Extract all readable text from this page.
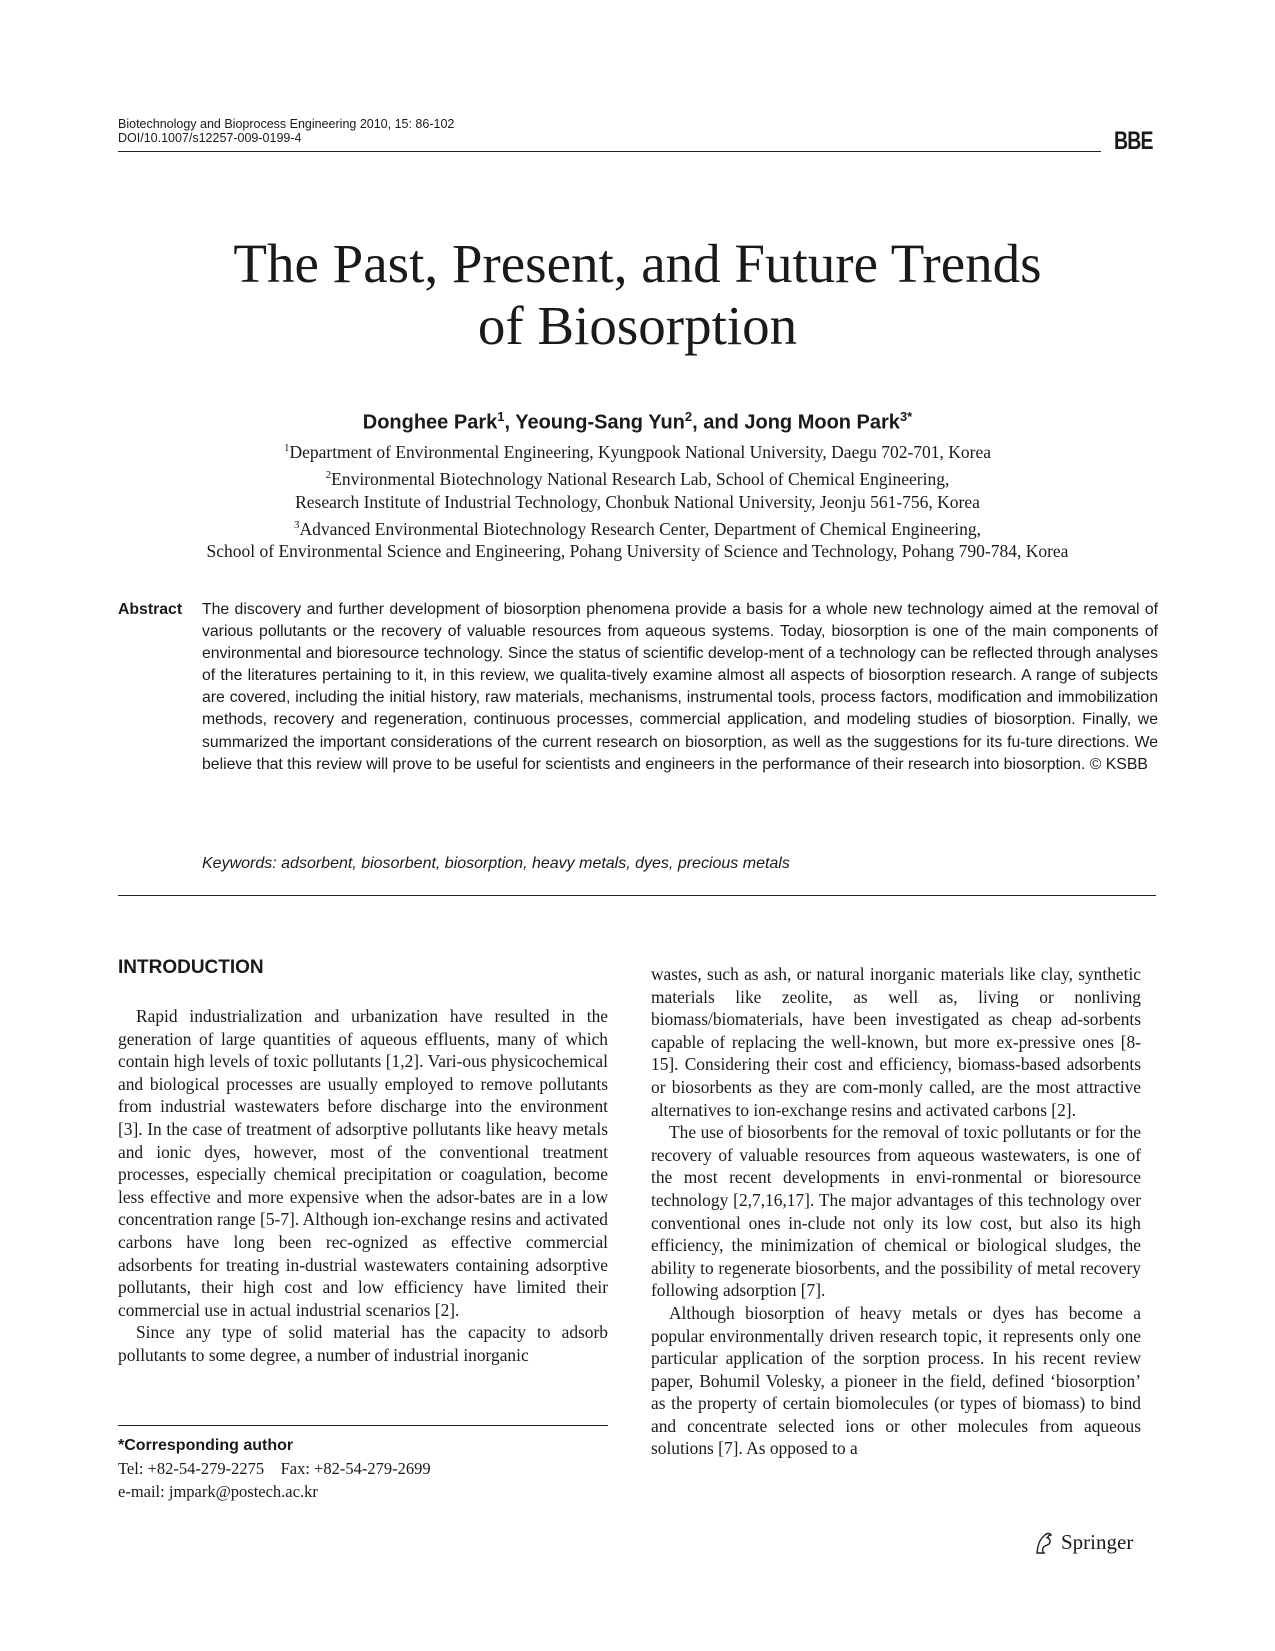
Biotechnology and Bioprocess Engineering 2010, 15: 86-102
DOI/10.1007/s12257-009-0199-4	BBE
The Past, Present, and Future Trends
of Biosorption
Donghee Park$^1$, Yeoung-Sang Yun$^2$, and Jong Moon Park$^{3*}$
$^1$Department of Environmental Engineering, Kyungpook National University, Daegu 702-701, Korea
$^2$Environmental Biotechnology National Research Lab, School of Chemical Engineering,
Research Institute of Industrial Technology, Chonbuk National University, Jeonju 561-756, Korea
$^3$Advanced Environmental Biotechnology Research Center, Department of Chemical Engineering,
School of Environmental Science and Engineering, Pohang University of Science and Technology, Pohang 790-784, Korea
Abstract The discovery and further development of biosorption phenomena provide a basis for a whole new technology aimed at the removal of various pollutants or the recovery of valuable resources from aqueous systems. Today, biosorption is one of the main components of environmental and bioresource technology. Since the status of scientific develop-ment of a technology can be reflected through analyses of the literatures pertaining to it, in this review, we qualita-tively examine almost all aspects of biosorption research. A range of subjects are covered, including the initial history, raw materials, mechanisms, instrumental tools, process factors, modification and immobilization methods, recovery and regeneration, continuous processes, commercial application, and modeling studies of biosorption. Finally, we summarized the important considerations of the current research on biosorption, as well as the suggestions for its fu-ture directions. We believe that this review will prove to be useful for scientists and engineers in the performance of their research into biosorption. © KSBB
Keywords: adsorbent, biosorbent, biosorption, heavy metals, dyes, precious metals
INTRODUCTION

Rapid industrialization and urbanization have resulted in the generation of large quantities of aqueous effluents, many of which contain high levels of toxic pollutants [1,2]. Vari-ous physicochemical and biological processes are usually employed to remove pollutants from industrial wastewaters before discharge into the environment [3]. In the case of treatment of adsorptive pollutants like heavy metals and ionic dyes, however, most of the conventional treatment processes, especially chemical precipitation or coagulation, become less effective and more expensive when the adsor-bates are in a low concentration range [5-7]. Although ion-exchange resins and activated carbons have long been rec-ognized as effective commercial adsorbents for treating in-dustrial wastewaters containing adsorptive pollutants, their high cost and low efficiency have limited their commercial use in actual industrial scenarios [2].

Since any type of solid material has the capacity to adsorb pollutants to some degree, a number of industrial inorganic

wastes, such as ash, or natural inorganic materials like clay, synthetic materials like zeolite, as well as, living or nonliving biomass/biomaterials, have been investigated as cheap ad-sorbents capable of replacing the well-known, but more ex-pressive ones [8-15]. Considering their cost and efficiency, biomass-based adsorbents or biosorbents as they are com-monly called, are the most attractive alternatives to ion-exchange resins and activated carbons [2].

The use of biosorbents for the removal of toxic pollutants or for the recovery of valuable resources from aqueous wastewaters, is one of the most recent developments in envi-ronmental or bioresource technology [2,7,16,17]. The major advantages of this technology over conventional ones in-clude not only its low cost, but also its high efficiency, the minimization of chemical or biological sludges, the ability to regenerate biosorbents, and the possibility of metal recovery following adsorption [7].

Although biosorption of heavy metals or dyes has become a popular environmentally driven research topic, it represents only one particular application of the sorption process. In his recent review paper, Bohumil Volesky, a pioneer in the field, defined ‘biosorption’ as the property of certain biomolecules (or types of biomass) to bind and concentrate selected ions or other molecules from aqueous solutions [7]. As opposed to a

*Corresponding author
Tel: +82-54-279-2275    Fax: +82-54-279-2699
e-mail: jmpark@postech.ac.kr
Springer
